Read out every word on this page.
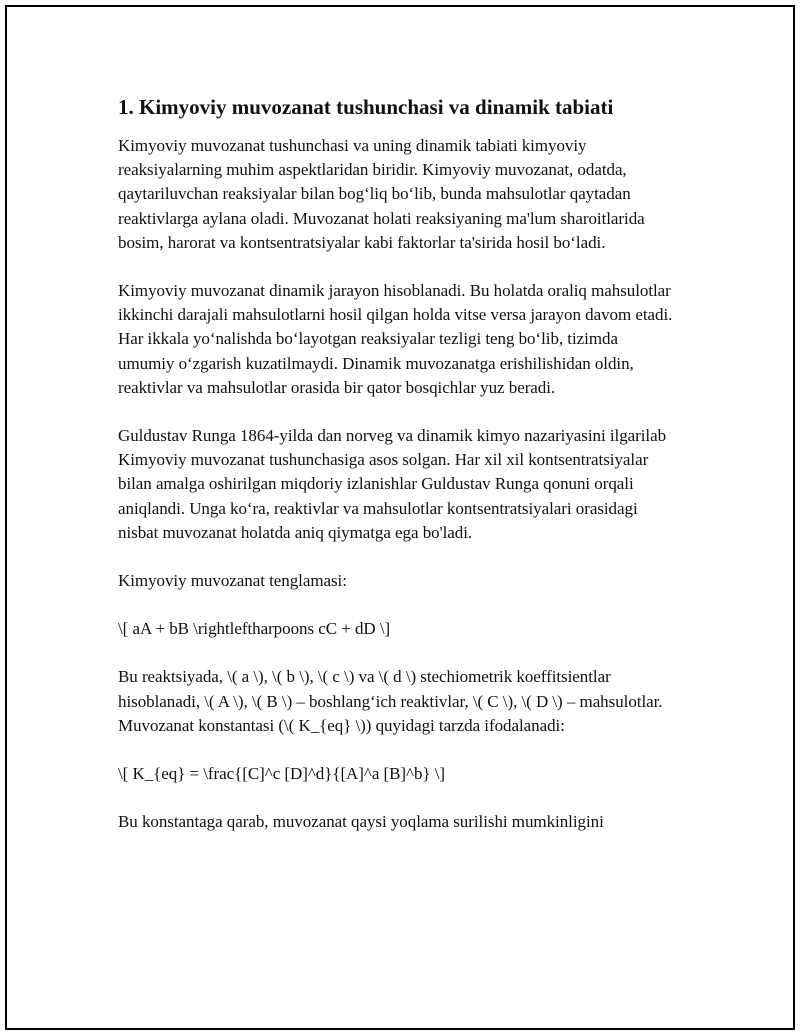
1. Kimyoviy muvozanat tushunchasi va dinamik tabiati

Kimyoviy muvozanat tushunchasi va uning dinamik tabiati kimyoviy reaksiyalarning muhim aspektlaridan biridir. Kimyoviy muvozanat, odatda, qaytariluvchan reaksiyalar bilan bog‘liq bo‘lib, bunda mahsulotlar qaytadan reaktivlarga aylana oladi. Muvozanat holati reaksiyaning ma'lum sharoitlarida bosim, harorat va kontsentratsiyalar kabi faktorlar ta'sirida hosil bo‘ladi.

Kimyoviy muvozanat dinamik jarayon hisoblanadi. Bu holatda oraliq mahsulotlar ikkinchi darajali mahsulotlarni hosil qilgan holda vitse versa jarayon davom etadi. Har ikkala yo‘nalishda bo‘layotgan reaksiyalar tezligi teng bo‘lib, tizimda umumiy o‘zgarish kuzatilmaydi. Dinamik muvozanatga erishilishidan oldin, reaktivlar va mahsulotlar orasida bir qator bosqichlar yuz beradi.

Guldustav Runga 1864-yilda dan norveg va dinamik kimyo nazariyasini ilgarilab Kimyoviy muvozanat tushunchasiga asos solgan. Har xil xil kontsentratsiyalar bilan amalga oshirilgan miqdoriy izlanishlar Guldustav Runga qonuni orqali aniqlandi. Unga ko‘ra, reaktivlar va mahsulotlar kontsentratsiyalari orasidagi nisbat muvozanat holatda aniq qiymatga ega bo'ladi.

Kimyoviy muvozanat tenglamasi:

\[ aA + bB \rightleftharpoons cC + dD \]

Bu reaktsiyada, \( a \), \( b \), \( c \) va \( d \) stechiometrik koeffitsientlar hisoblanadi, \( A \), \( B \) – boshlang‘ich reaktivlar, \( C \), \( D \) – mahsulotlar. Muvozanat konstantasi (\( K_{eq} \)) quyidagi tarzda ifodalanadi:

\[ K_{eq} = \frac{[C]^c [D]^d}{[A]^a [B]^b} \]

Bu konstantaga qarab, muvozanat qaysi yoqlama surilishi mumkinligini
